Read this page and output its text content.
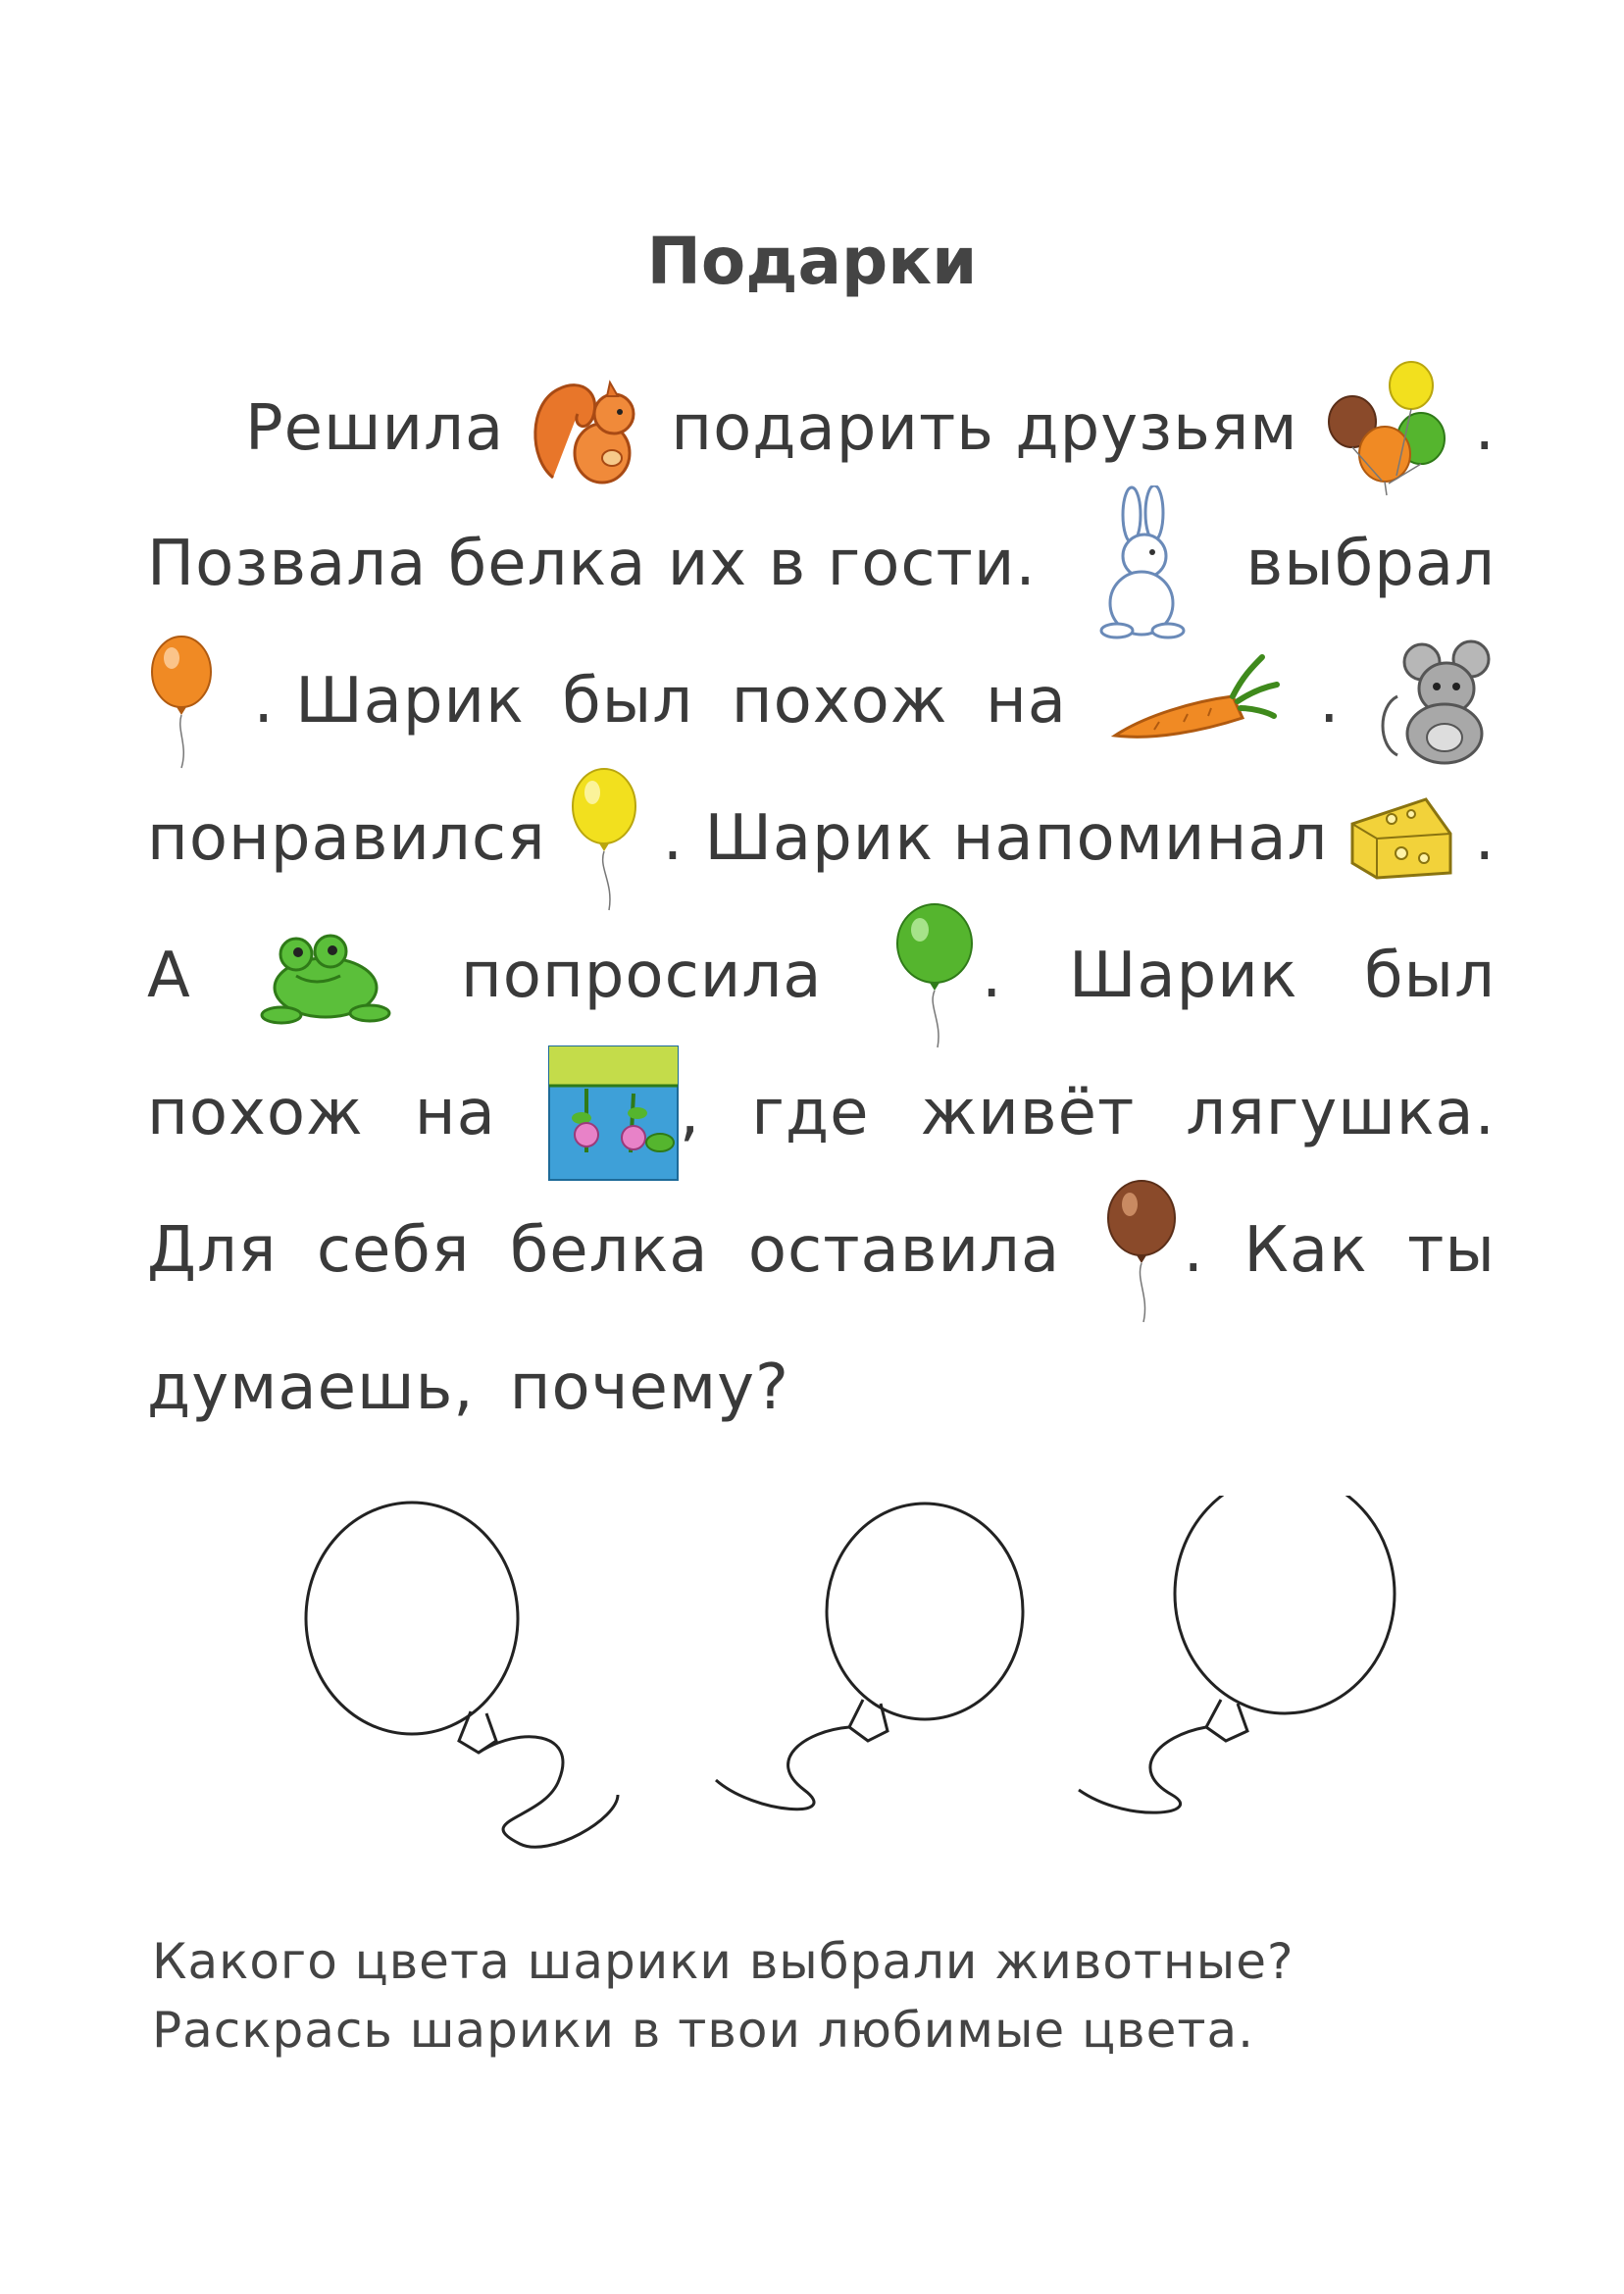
Подарки
Решила	подарить друзьям	.
Позвала белка их в гости.	выбрал
. Шарик был похож на	.
понравился . Шарик напоминал .
А	попросила	. Шарик был
похож на	, где живёт лягушка.
Для себя белка оставила . Как ты
думаешь, почему?
Какого цвета шарики выбрали животные?
Раскрась шарики в твои любимые цвета.
